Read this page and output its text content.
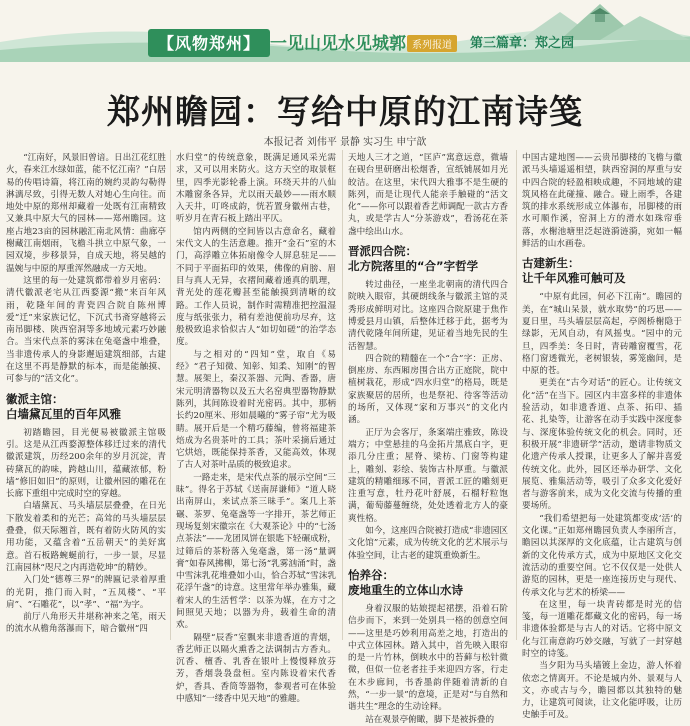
【风物郑州】 一见山见水见城郭 系列报道	第三篇章：郑之园
郑州瞻园：写给中原的江南诗笺
本报记者 刘伟平 景静 实习生 申宁歆

“江南好，风景旧曾谙。日出江花红胜火，春来江水绿如蓝，能不忆江南？”白居易的传唱诗篇，将江南的婉约灵韵勾勒得淋漓尽致，引得无数人对她心生向往。而地处中原的郑州却藏着一处既有江南精致又兼具中原大气的园林——郑州瞻园。这座占地23亩的园林融汇南北风情：曲廊亭榭藏江南烟雨，飞檐斗拱立中原气象，一园双境，步移景异，自成天地，将吴越的温婉与中原的厚重浑然融成一方天地。

这里的每一处建筑都带着岁月密码：清代徽派老宅从江西婺源“搬”来百年风雨，乾隆年间的青瓷四合院自陈州博爱“迁”来家族记忆，下沉式书斋穿越将云南吊脚楼、陕西窑洞等多地域元素巧妙融合。当宋代点茶的雾沫在兔毫盏中堆叠，当非遗传承人的身影邂逅建筑细部，古建在这里不再是静默的标本，而是能触摸、可参与的“活文化”。

徽派主馆：
白墙黛瓦里的百年风雅

初踏瞻园，目光便易被徽派主馆吸引。这是从江西婺源整体移迁过来的清代徽派建筑，历经200余年的岁月沉淀，青砖黛瓦的韵味，跨越山川，蕴藏浓郁，粉墙“修旧如旧”的原则，让徽州园的雕花在长廊下重组中完成时空的穿越。

白墙黛瓦、马头墙层层叠叠，在日光下散发着柔和的光芒；高耸的马头墙层层叠叠，似天际翘首，既有着防火防风的实用功能，又蕴含着“五岳朝天”的美好寓意。首石板路蜿蜒前行，一步一景，尽显江南园林“咫尺之内再造乾坤”的精妙。

入门处“德尊三界”的牌匾记录着厚重的光阴，推门而入时，“五凤楼”、“平肩”、“石雕花”，以“孝”、“福”为字。

前厅八角形天井堪称神来之笔，雨天的流水从檐角落瀑而下，暗合徽州“四

水归堂”的传统意象，既满足通风采光需求，又可以用来防火。这方天空的取景框里，四季光影轮番上演。环绕天井的八仙木雕窗条各异，尤以雨天最妙——雨水顺入天井，叮咚成韵，恍若置身徽州古巷，听岁月在青石板上踏出平仄。

馆内两侧的空间皆以古意命名，藏着宋代文人的生活意趣。推开“金石”室的木门，高浮雕立体拓扇像令人屏息驻足——不同于平面拓印的效果，佛像的肩膀、眉目与真人无异，衣褶间藏着通真的肌理，背光处的莲花瓣甚至能触摸到清晰的纹路。工作人员说，制作时需精准把控温湿度与纸张张力，稍有差池便前功尽弃，这般极致追求恰似古人“如切如磋”的治学态度。

与之相对的“四知”堂，取自《易经》“君子知微、知彰、知柔、知刚”的智慧。展架上，秦汉茶器、元陶、香器，唐宋元明清器物以及五大名窑典型器物静默陈列，其间陈设着时光密码。其中，那柄长约20厘米、形如晨曦的“雾子帘”尤为吸睛。展开后是一个精巧藤编，曾将福建茶焙成为名贵茶叶的工具；茶叶采摘后通过它烘焙，既能保持茶香，又能高效，体现了古人对茶叶品质的极致追求。

一路走来，是宋代点茶的展示空间“三昧”。得名于苏轼《送南屏谦师》“道人晓出南屏山，来试点茶三昧手”。案几上茶碾、茶罗、兔毫盏等一字排开，茶艺师正现场复刻宋徽宗在《大观茶论》中的“七汤点茶法”——龙团凤饼在银匙下轻碾成粉，过筛后的茶粉落入兔毫盏，第一汤“量调膏”如春风拂柳，第七汤“乳雾汹涌”时，盏中雪沫乳花堆叠如小山，恰合苏轼“雪沫乳花浮午盏”的诗意。这里常年举办雅集，藏着宋人的生活哲学：以茶为媒，在方寸之间照见天地；以器为舟，载着生命的清欢。

隔壁“辰香”室飘来非遗香道的青烟，香艺师正以隔火熏香之法调制古方香丸。沉香、檀香、乳香在银叶上慢慢释放芬芳，香烟袅袅盘桓。室内陈设着宋代香炉，香具、香筒等器物，参观者可在体验中感知“一缕香中见天地”的雅趣。

天地人三才之道，“匡庐”寓意远意，微墙在砚台里研磨出松烟香，宣纸铺展如月光皎洁。在这里，宋代四大雅事不是生硬的陈列，而是让现代人能亲手触碰的“活文化”——你可以跟着香艺师调配一款古方香丸，或是学古人“分茶游戏”，看汤花在茶盏中绘出山水。

晋派四合院：
北方院落里的“合”字哲学

转过曲径，一座坐北朝南的清代四合院映入眼帘，其硬朗线条与徽派主馆的灵秀形成鲜明对比。这座四合院原建于焦作博爱县月山镇，后整体迁移于此，据考为清代乾隆年间所建，见证着当地先民的生活智慧。

四合院的精髓在一个“合”字：正房、倒座房、东西厢房围合出方正庭院，院中植树栽花，形成“四水归堂”的格局，既是家族聚居的居所，也是祭祀、待客等活动的场所，又体现“家和万事兴”的文化内涵。

正厅为会客厅，条案端庄雅致，陈设端方；中堂悬挂的乌金拓片黑底白字，更添几分庄重；屋脊、梁枋、门窗等构建上，雕刻、彩绘、装饰古朴厚重。与徽派建筑的精雕细琢不同，晋派工匠的雕刻更注重写意，牡丹花叶舒展，石榴籽粒饱满，葡萄藤蔓缠绕，处处透着北方人的豪爽性格。

如今，这座四合院被打造成“非遗园区文化馆”元素，成为传统文化的艺术展示与体验空间，让古老的建筑重焕新生。

怡养谷：
废地重生的立体山水诗

身着汉服的姑娘提起裙摆，沿着石阶信步而下，来到一处别具一格的创意空间——这里是巧妙利用高差之地，打造出的中式立体园林。踏入其中，首先映入眼帘的是一片竹林，倒映水中的苔藓与松针微微，但似一位老者拄手来迎四方客，行走在木步廊间，书香墨韵伴随着清新的自然，“一步一景”的意境，正是对“与自然和谐共生”理念的生动诠释。

站在观景亭俯瞰，脚下是被拆叠的

中国古建地图——云贵吊脚楼的飞檐与徽派马头墙遥遥相望，陕西窑洞的厚重与安中四合院的轻盈相映成趣，不同地域的建筑风格在此碰撞、融合。碰上雨季，各建筑的排水系统形成立体瀑布，吊脚楼的雨水可顺作溪，窑洞上方的滑水如珠帘垂落，水榭池塘里泛起涟漪涟漪，宛如一幅鲜活的山水画卷。

古建新生：
让千年风雅可触可及

“中原有此园，何必下江南”。瞻园的美，在“城山呆景，就水取势”的巧思——夏日里，马头墙层层高起，亭阁桥榭隐于绿影，无风自动，有风摇曳。“园中的元旦，四季美：冬日时，青砖雕窗覆雪，花格门窗透微光，老树银装，雾笼幽间，是中原的苍。

更美在“古今对话”的匠心。让传统文化“活”在当下。园区内丰富多样的非遗体验活动，如非遗香道、点茶、拓印、插花、扎染等，让游客在动手实践中深度参与、深度体验传统文化的机会。同时，还积极开展“非遗研学”活动，邀请非物质文化遗产传承人授课，让更多人了解并喜爱传统文化。此外，园区还举办研学、文化展览、雅集活动等，吸引了众多文化爱好者与游客前来，成为文化交流与传播的重要场所。

“我们希望把每一处建筑都变成‘活’的文化课。”正如郑州瞻园负责人李丽所言，瞻园以其深厚的文化底蕴，让古建筑与创新的文化传承方式，成为中原地区文化交流活动的重要空间。它不仅仅是一处供人游览的园林，更是一座连接历史与现代、传承文化与艺术的桥梁——

在这里，每一块青砖都是时光的信笺，每一道雕花都藏文化的密码，每一场非遗体验都是与古人的对话。它将中原文化与江南意韵巧妙交融，写就了一封穿越时空的诗笺。

当夕阳为马头墙镀上金边，游人怀着依恋之情离开。不论是城内外、景观与人文，亦或古与今，瞻园都以其独特的魅力，让建筑可阅读，让文化能呼吸，让历史触手可及。
